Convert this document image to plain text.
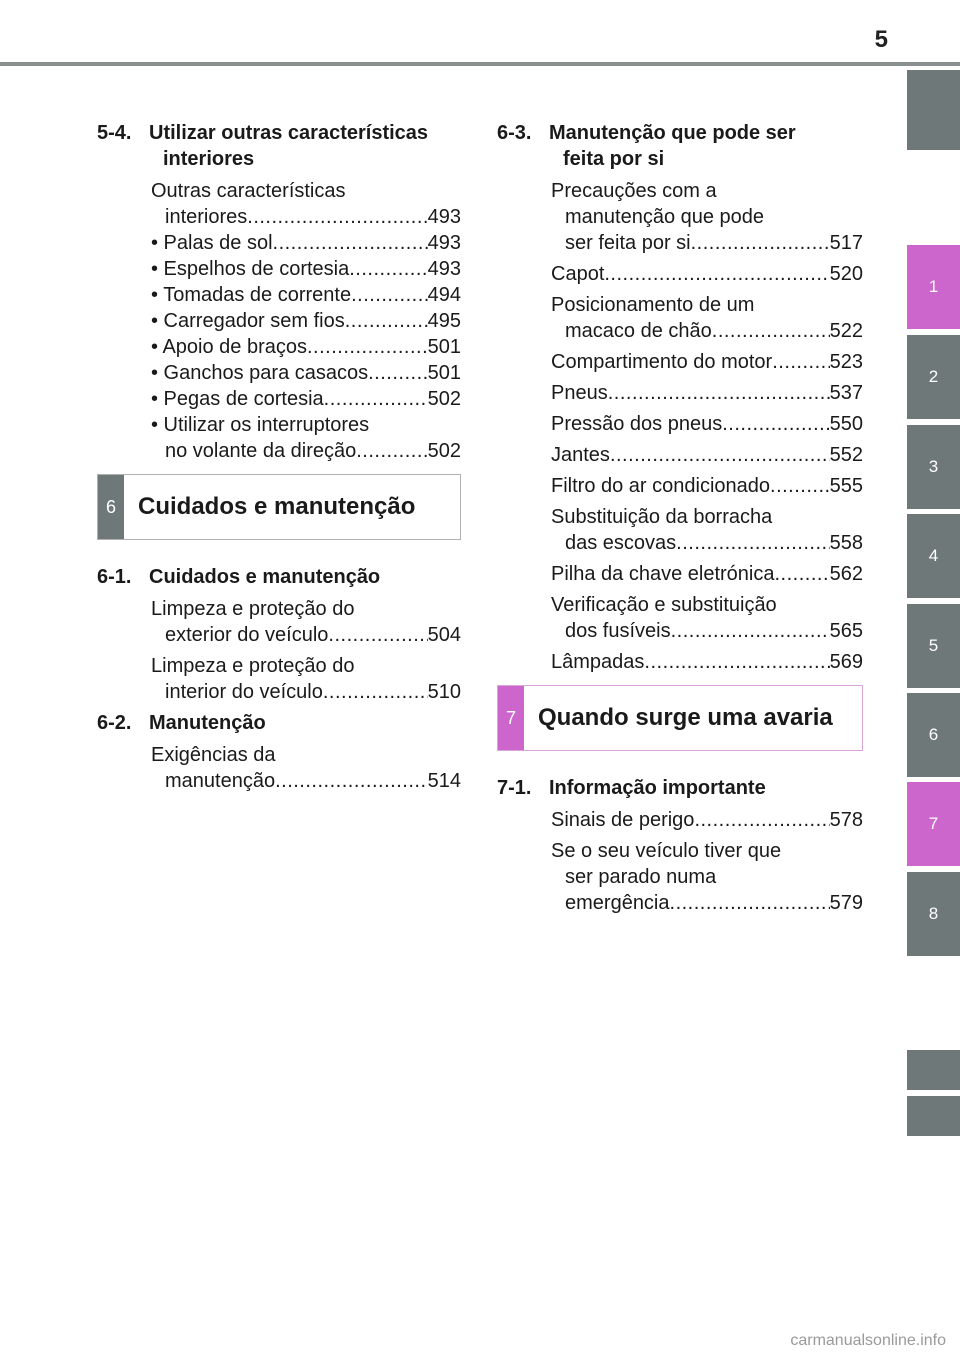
5
1
2
3
4
5
6
7
8
5-4. Utilizar outras características
interiores
Outras características
interiores .....	493
• Palas de sol .....	493
• Espelhos de cortesia .....	493
• Tomadas de corrente .....	494
• Carregador sem fios .....	495
• Apoio de braços .....	501
• Ganchos para casacos .....	501
• Pegas de cortesia .....	502
• Utilizar os interruptores
no volante da direção .....	502
6 Cuidados e manutenção
6-1. Cuidados e manutenção
Limpeza e proteção do
exterior do veículo .....	504
Limpeza e proteção do
interior do veículo .....	510
6-2. Manutenção
Exigências da
manutenção .....	514
6-3. Manutenção que pode ser
feita por si
Precauções com a
manutenção que pode
ser feita por si .....	517
Capot .....	520
Posicionamento de um
macaco de chão .....	522
Compartimento do motor .....	523
Pneus .....	537
Pressão dos pneus .....	550
Jantes .....	552
Filtro do ar condicionado .....	555
Substituição da borracha
das escovas .....	558
Pilha da chave eletrónica .....	562
Verificação e substituição
dos fusíveis .....	565
Lâmpadas .....	569
7 Quando surge uma avaria
7-1. Informação importante
Sinais de perigo .....	578
Se o seu veículo tiver que
ser parado numa
emergência .....	579
carmanualsonline.info
